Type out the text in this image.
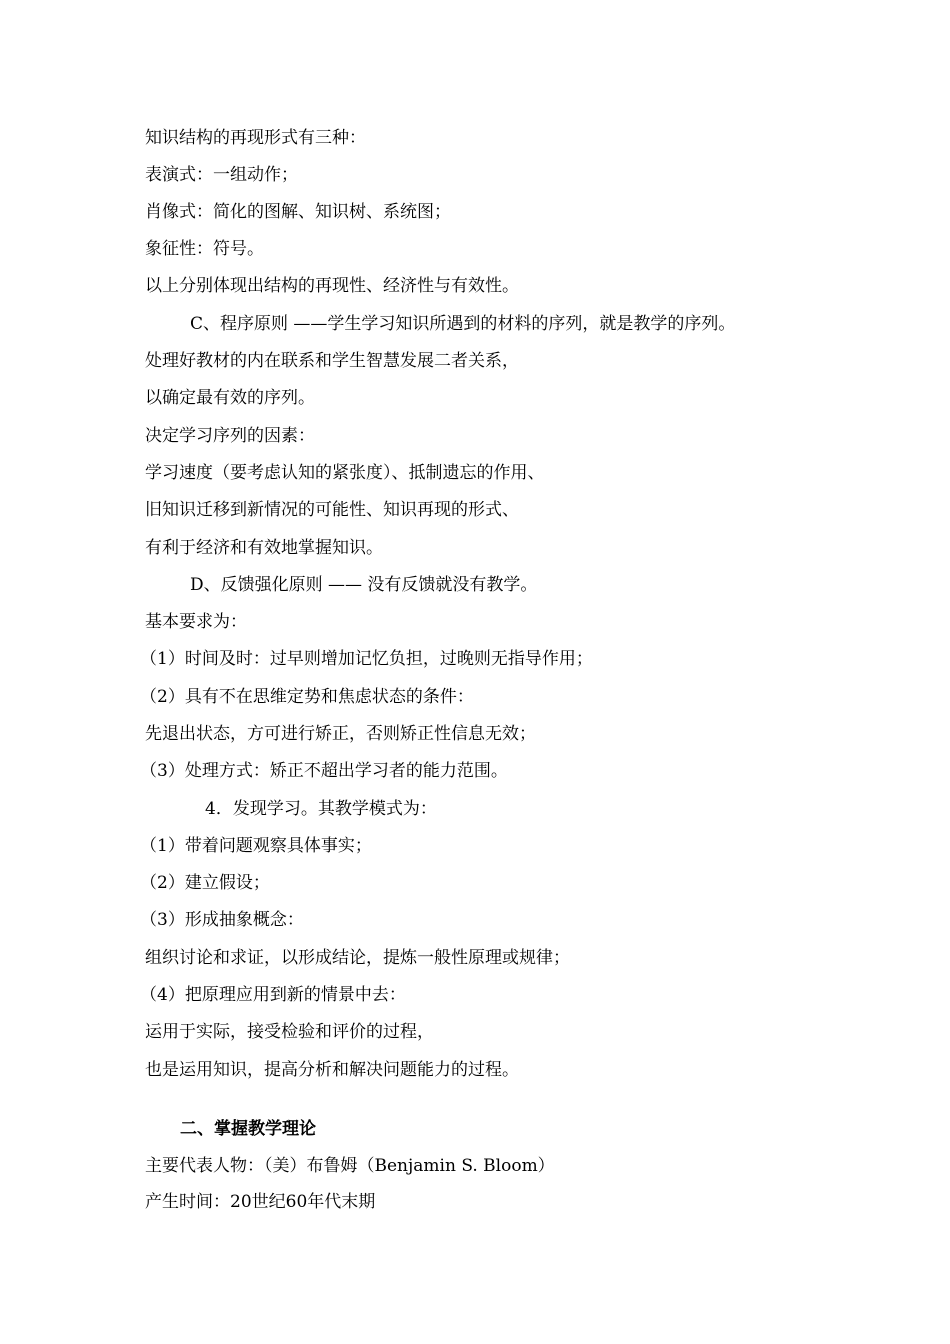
知识结构的再现形式有三种：
表演式：一组动作；
肖像式：简化的图解、知识树、系统图；
象征性：符号。
以上分别体现出结构的再现性、经济性与有效性。
C、程序原则 ——学生学习知识所遇到的材料的序列，就是教学的序列。
处理好教材的内在联系和学生智慧发展二者关系，
以确定最有效的序列。
决定学习序列的因素：
学习速度（要考虑认知的紧张度）、抵制遗忘的作用、
旧知识迁移到新情况的可能性、知识再现的形式、
有利于经济和有效地掌握知识。
D、反馈强化原则 —— 没有反馈就没有教学。
基本要求为：
（1）时间及时：过早则增加记忆负担，过晚则无指导作用；
（2）具有不在思维定势和焦虑状态的条件：
先退出状态，方可进行矫正，否则矫正性信息无效；
（3）处理方式：矫正不超出学习者的能力范围。
4．发现学习。其教学模式为：
（1）带着问题观察具体事实；
（2）建立假设；
（3）形成抽象概念：
组织讨论和求证，以形成结论，提炼一般性原理或规律；
（4）把原理应用到新的情景中去：
运用于实际，接受检验和评价的过程，
也是运用知识，提高分析和解决问题能力的过程。
二、掌握教学理论
主要代表人物：（美）布鲁姆（Benjamin S. Bloom）
产生时间：20世纪60年代末期
